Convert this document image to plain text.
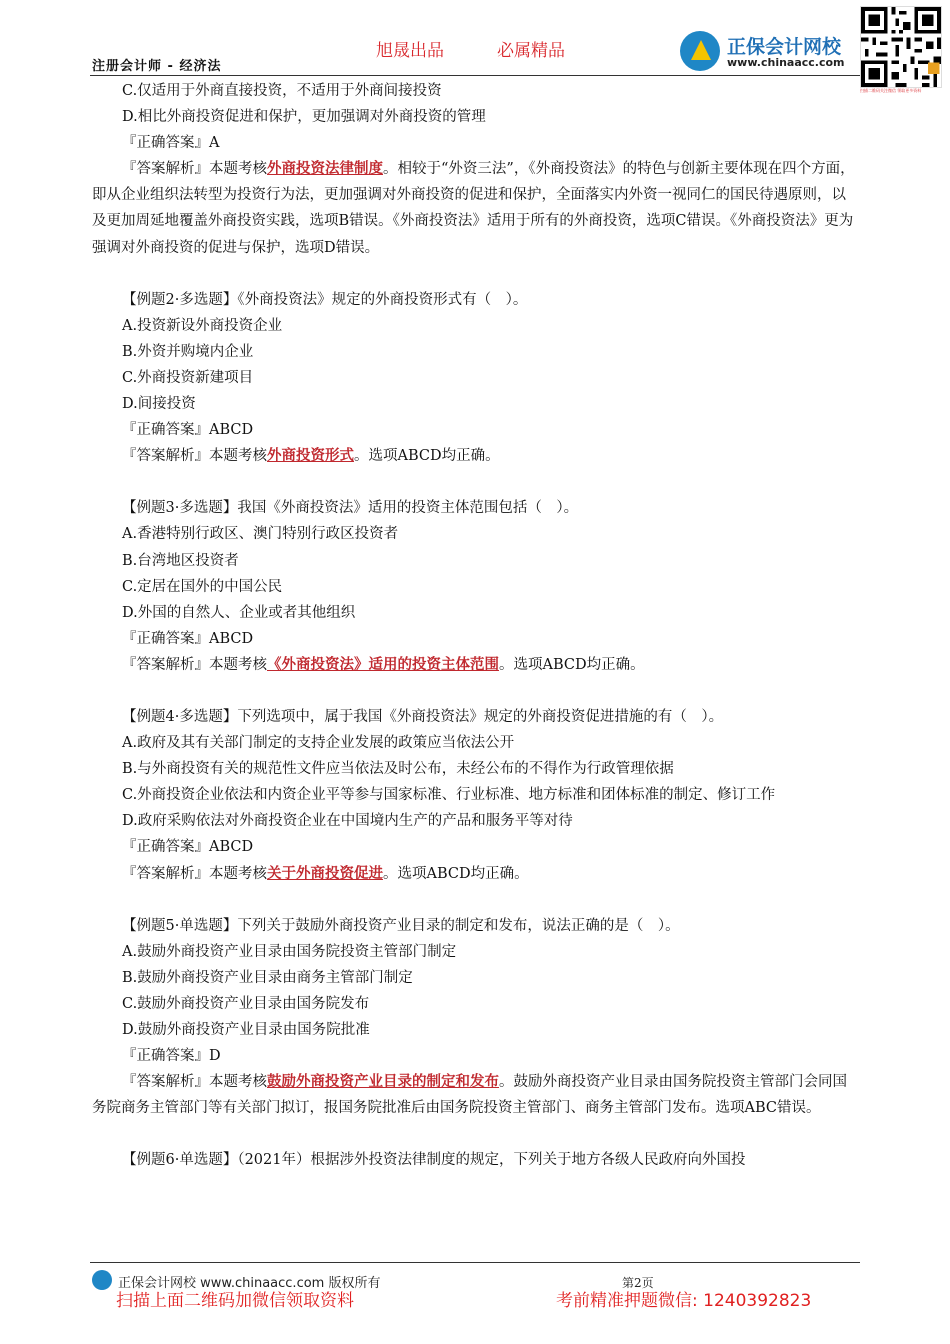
注册会计师 - 经济法
旭晟出品	必属精品	正保会计网校
www.chinaacc.com
扫描二维码关注微信 领取更多资料

C.仅适用于外商直接投资，不适用于外商间接投资

D.相比外商投资促进和保护，更加强调对外商投资的管理

『正确答案』A

『答案解析』本题考核外商投资法律制度。相较于“外资三法”，《外商投资法》的特色与创新主要体现在四个方面，即从企业组织法转型为投资行为法，更加强调对外商投资的促进和保护，全面落实内外资一视同仁的国民待遇原则，以及更加周延地覆盖外商投资实践，选项B错误。《外商投资法》适用于所有的外商投资，选项C错误。《外商投资法》更为强调对外商投资的促进与保护，选项D错误。

【例题2·多选题】《外商投资法》规定的外商投资形式有（　）。

A.投资新设外商投资企业

B.外资并购境内企业

C.外商投资新建项目

D.间接投资

『正确答案』ABCD

『答案解析』本题考核外商投资形式。选项ABCD均正确。

【例题3·多选题】我国《外商投资法》适用的投资主体范围包括（　）。

A.香港特别行政区、澳门特别行政区投资者

B.台湾地区投资者

C.定居在国外的中国公民

D.外国的自然人、企业或者其他组织

『正确答案』ABCD

『答案解析』本题考核《外商投资法》适用的投资主体范围。选项ABCD均正确。

【例题4·多选题】下列选项中，属于我国《外商投资法》规定的外商投资促进措施的有（　）。

A.政府及其有关部门制定的支持企业发展的政策应当依法公开

B.与外商投资有关的规范性文件应当依法及时公布，未经公布的不得作为行政管理依据

C.外商投资企业依法和内资企业平等参与国家标准、行业标准、地方标准和团体标准的制定、修订工作

D.政府采购依法对外商投资企业在中国境内生产的产品和服务平等对待

『正确答案』ABCD

『答案解析』本题考核关于外商投资促进。选项ABCD均正确。

【例题5·单选题】下列关于鼓励外商投资产业目录的制定和发布，说法正确的是（　）。

A.鼓励外商投资产业目录由国务院投资主管部门制定

B.鼓励外商投资产业目录由商务主管部门制定

C.鼓励外商投资产业目录由国务院发布

D.鼓励外商投资产业目录由国务院批准

『正确答案』D

『答案解析』本题考核鼓励外商投资产业目录的制定和发布。鼓励外商投资产业目录由国务院投资主管部门会同国务院商务主管部门等有关部门拟订，报国务院批准后由国务院投资主管部门、商务主管部门发布。选项ABC错误。

【例题6·单选题】（2021年）根据涉外投资法律制度的规定，下列关于地方各级人民政府向外国投

正保会计网校 www.chinaacc.com 版权所有	第2页
扫描上面二维码加微信领取资料	考前精准押题微信: 1240392823
